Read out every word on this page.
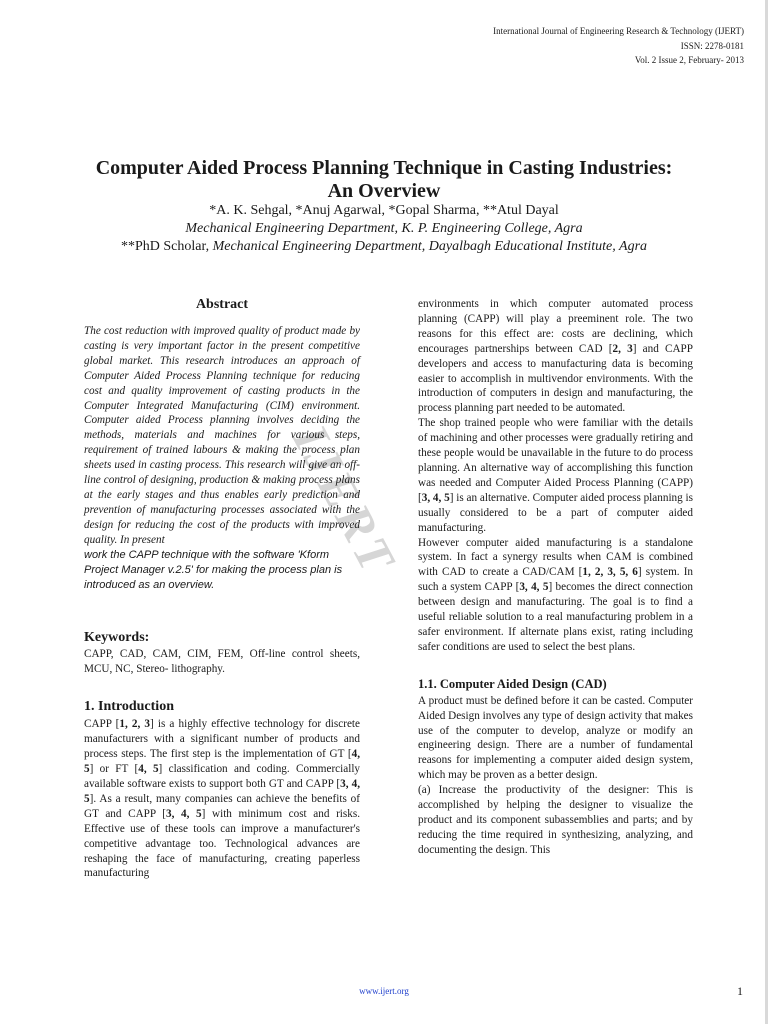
International Journal of Engineering Research & Technology (IJERT)
ISSN: 2278-0181
Vol. 2 Issue 2, February- 2013
Computer Aided Process Planning Technique in Casting Industries:
An Overview
*A. K. Sehgal, *Anuj Agarwal, *Gopal Sharma, **Atul Dayal
Mechanical Engineering Department, K. P. Engineering College, Agra
**PhD Scholar, Mechanical Engineering Department, Dayalbagh Educational Institute, Agra
IJERT
Abstract

The cost reduction with improved quality of product made by casting is very important factor in the present competitive global market. This research introduces an approach of Computer Aided Process Planning technique for reducing cost and quality improvement of casting products in the Computer Integrated Manufacturing (CIM) environment. Computer aided Process planning involves deciding the methods, materials and machines for various steps, requirement of trained labours & making the process plan sheets used in casting process. This research will give an off-line control of designing, production & making process plans at the early stages and thus enables early prediction and prevention of manufacturing processes associated with the design for reducing the cost of the products with improved quality. In present

work the CAPP technique with the software 'Kform Project Manager v.2.5' for making the process plan is introduced as an overview.

Keywords:

CAPP, CAD, CAM, CIM, FEM, Off-line control sheets, MCU, NC, Stereo- lithography.

1. Introduction

CAPP [1, 2, 3] is a highly effective technology for discrete manufacturers with a significant number of products and process steps. The first step is the implementation of GT [4, 5] or FT [4, 5] classification and coding. Commercially available software exists to support both GT and CAPP [3, 4, 5]. As a result, many companies can achieve the benefits of GT and CAPP [3, 4, 5] with minimum cost and risks. Effective use of these tools can improve a manufacturer's competitive advantage too. Technological advances are reshaping the face of manufacturing, creating paperless manufacturing

environments in which computer automated process planning (CAPP) will play a preeminent role. The two reasons for this effect are: costs are declining, which encourages partnerships between CAD [2, 3] and CAPP developers and access to manufacturing data is becoming easier to accomplish in multivendor environments. With the introduction of computers in design and manufacturing, the process planning part needed to be automated.

The shop trained people who were familiar with the details of machining and other processes were gradually retiring and these people would be unavailable in the future to do process planning. An alternative way of accomplishing this function was needed and Computer Aided Process Planning (CAPP) [3, 4, 5] is an alternative. Computer aided process planning is usually considered to be a part of computer aided manufacturing.

However computer aided manufacturing is a standalone system. In fact a synergy results when CAM is combined with CAD to create a CAD/CAM [1, 2, 3, 5, 6] system. In such a system CAPP [3, 4, 5] becomes the direct connection between design and manufacturing. The goal is to find a useful reliable solution to a real manufacturing problem in a safer environment. If alternate plans exist, rating including safer conditions are used to select the best plans.

1.1. Computer Aided Design (CAD)

A product must be defined before it can be casted. Computer Aided Design involves any type of design activity that makes use of the computer to develop, analyze or modify an engineering design. There are a number of fundamental reasons for implementing a computer aided design system, which may be proven as a better design.

(a) Increase the productivity of the designer: This is accomplished by helping the designer to visualize the product and its component subassemblies and parts; and by reducing the time required in synthesizing, analyzing, and documenting the design. This

www.ijert.org	1
